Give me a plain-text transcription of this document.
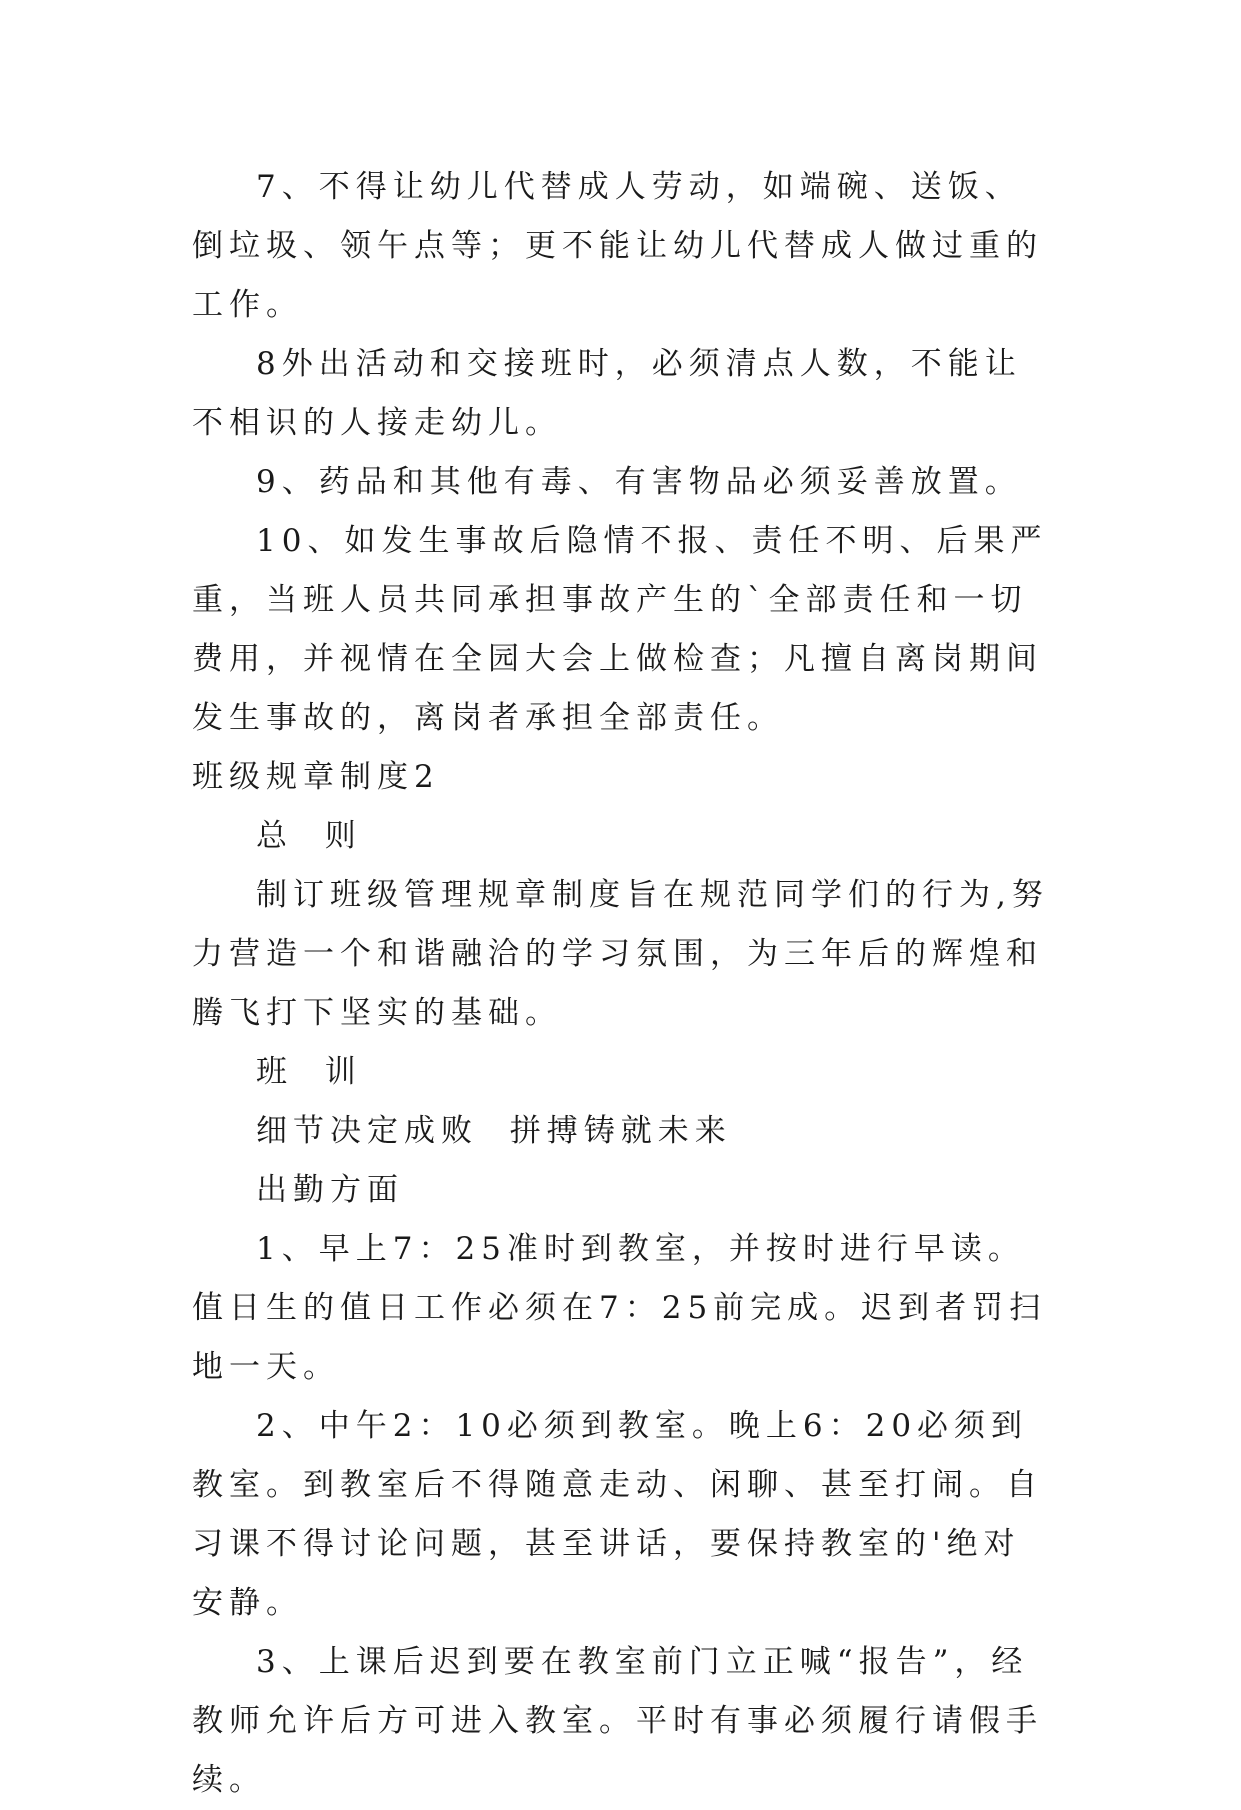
7、不得让幼儿代替成人劳动，如端碗、送饭、倒垃圾、领午点等；更不能让幼儿代替成人做过重的工作。

8外出活动和交接班时，必须清点人数，不能让不相识的人接走幼儿。

9、药品和其他有毒、有害物品必须妥善放置。

10、如发生事故后隐情不报、责任不明、后果严重，当班人员共同承担事故产生的`全部责任和一切费用，并视情在全园大会上做检查；凡擅自离岗期间发生事故的，离岗者承担全部责任。

班级规章制度2

总  则

制订班级管理规章制度旨在规范同学们的行为,努力营造一个和谐融洽的学习氛围，为三年后的辉煌和腾飞打下坚实的基础。

班  训

细节决定成败  拼搏铸就未来

出勤方面

1、早上7：25准时到教室，并按时进行早读。值日生的值日工作必须在7：25前完成。迟到者罚扫地一天。

2、中午2：10必须到教室。晚上6：20必须到教室。到教室后不得随意走动、闲聊、甚至打闹。自习课不得讨论问题，甚至讲话，要保持教室的'绝对安静。

3、上课后迟到要在教室前门立正喊“报告”，经教师允许后方可进入教室。平时有事必须履行请假手续。
